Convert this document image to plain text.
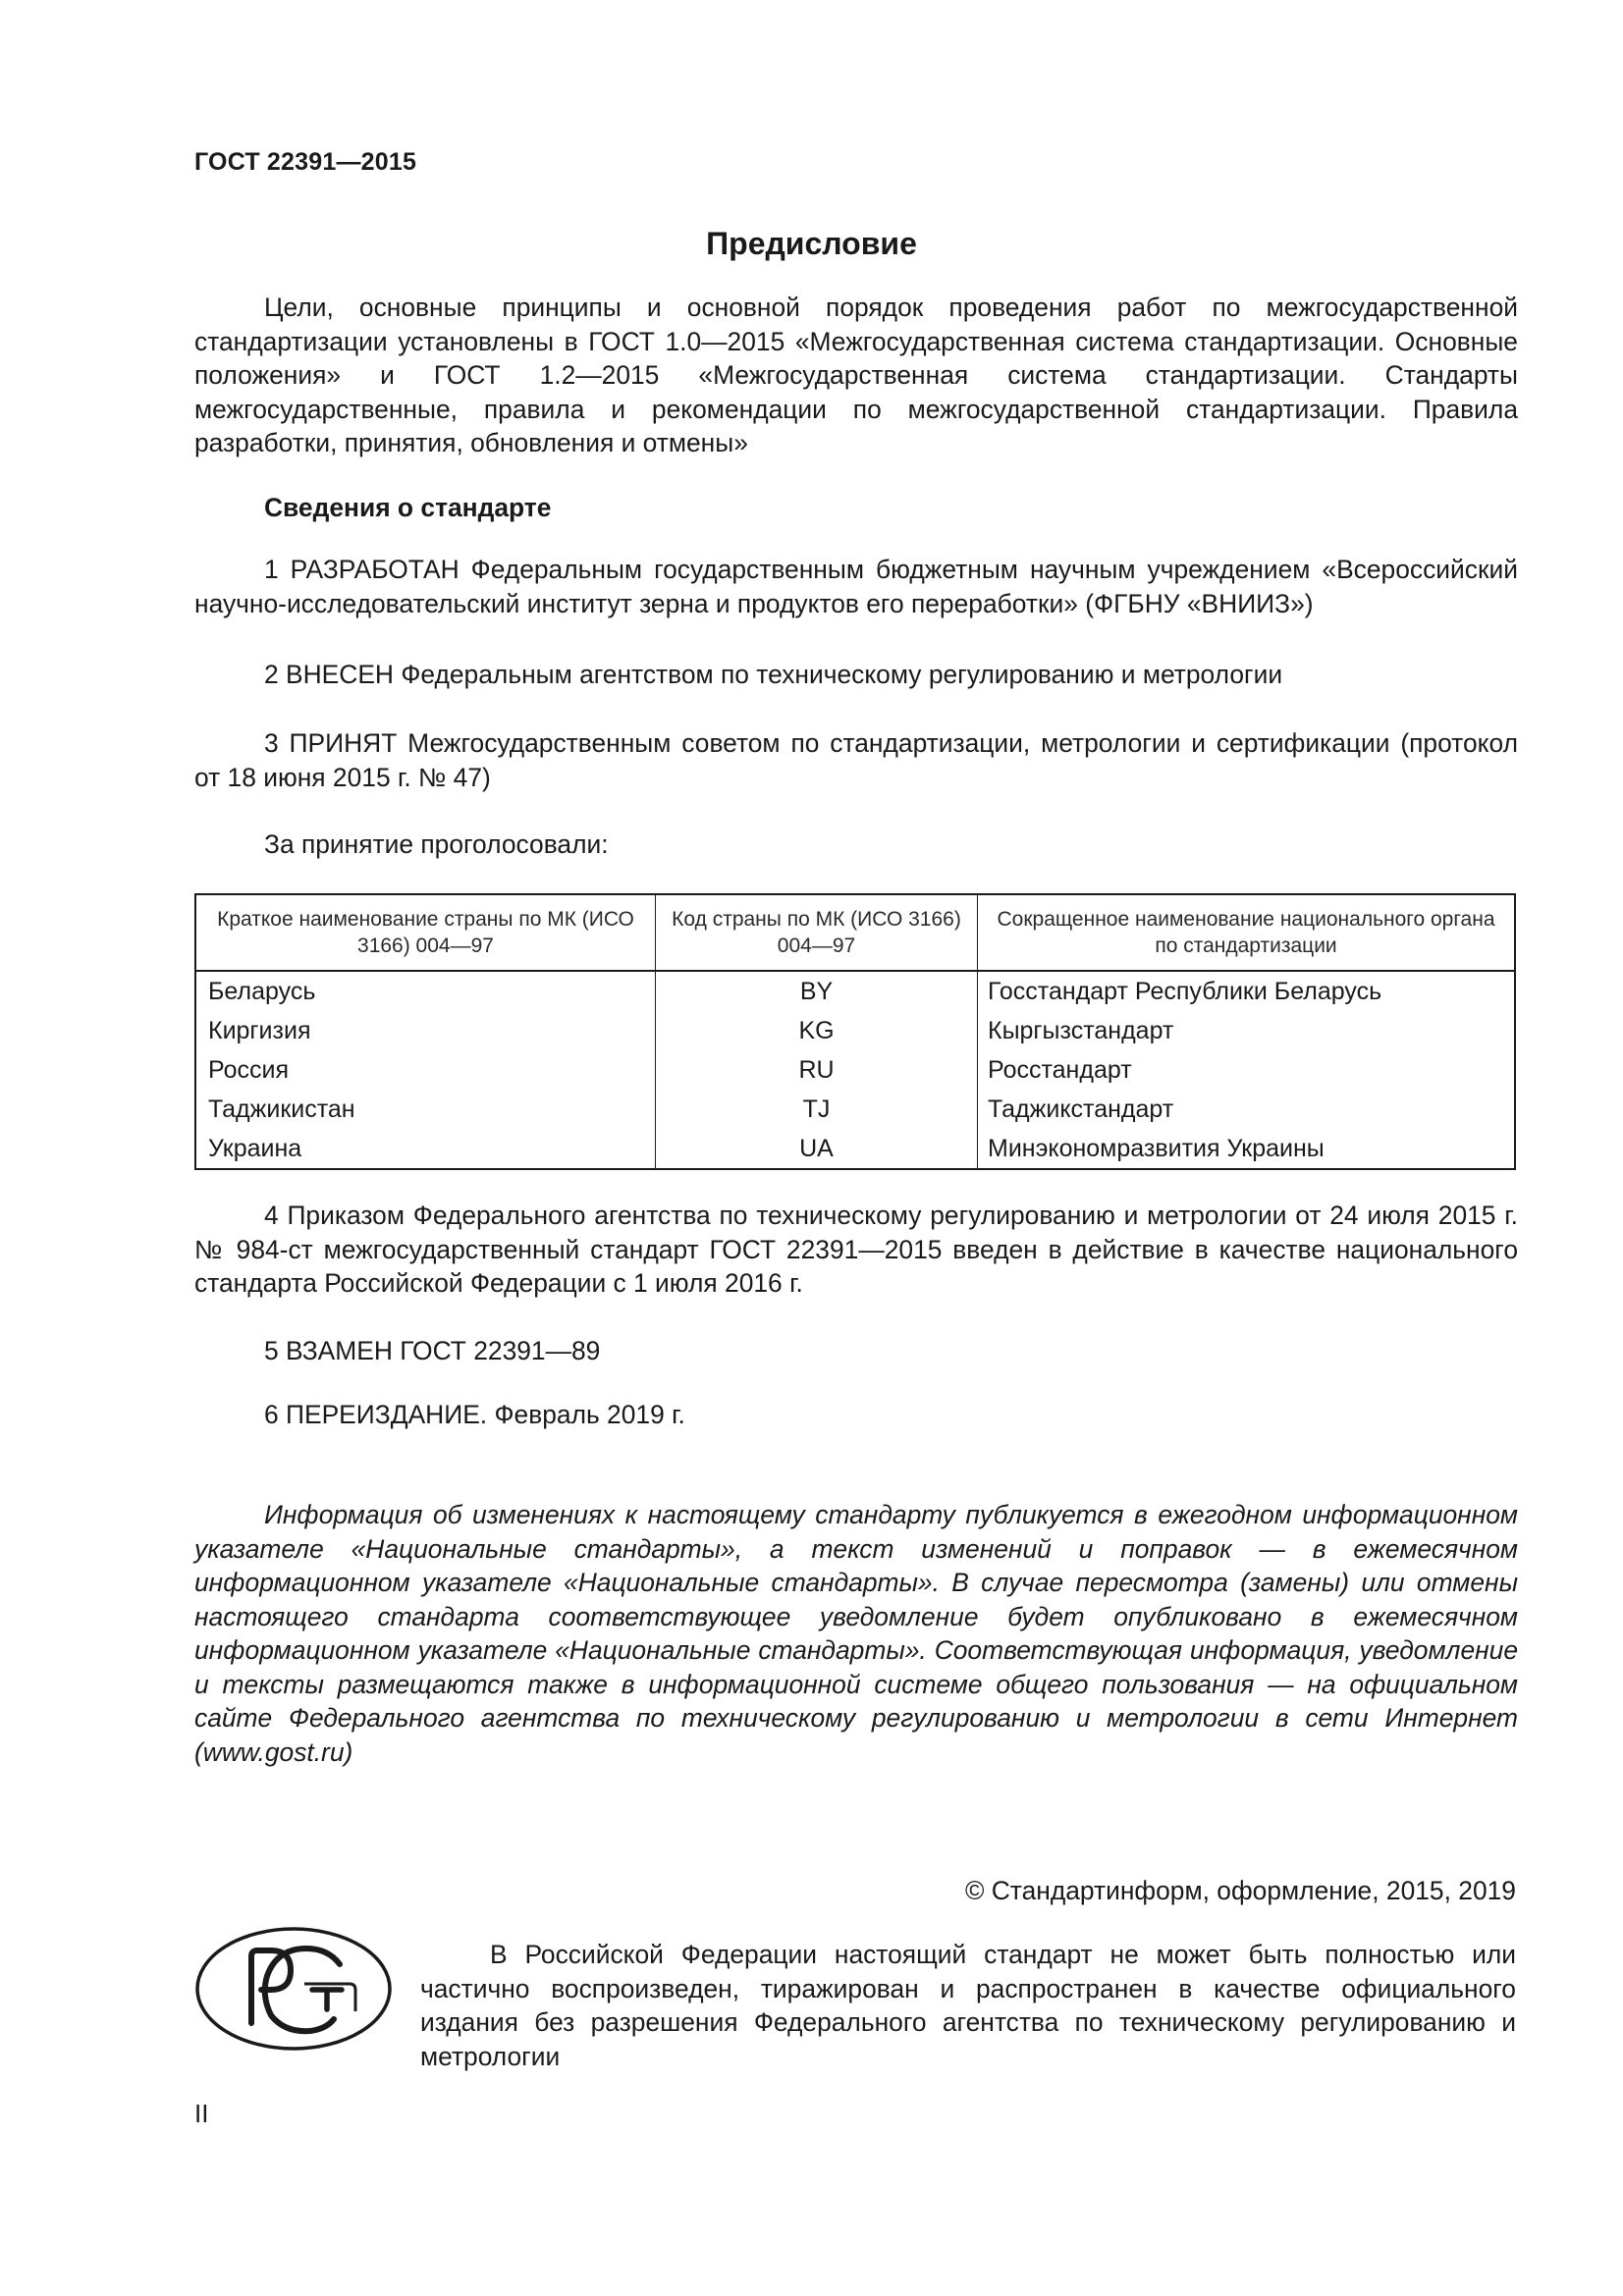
ГОСТ 22391—2015
Предисловие

Цели, основные принципы и основной порядок проведения работ по межгосударственной стандартизации установлены в ГОСТ 1.0—2015 «Межгосударственная система стандартизации. Основные положения» и ГОСТ 1.2—2015 «Межгосударственная система стандартизации. Стандарты межгосударственные, правила и рекомендации по межгосударственной стандартизации. Правила разработки, принятия, обновления и отмены»

Сведения о стандарте

1 РАЗРАБОТАН Федеральным государственным бюджетным научным учреждением «Всероссийский научно-исследовательский институт зерна и продуктов его переработки» (ФГБНУ «ВНИИЗ»)

2 ВНЕСЕН Федеральным агентством по техническому регулированию и метрологии

3 ПРИНЯТ Межгосударственным советом по стандартизации, метрологии и сертификации (протокол от 18 июня 2015 г. № 47)

За принятие проголосовали:

Краткое наименование страны по МК (ИСО 3166) 004—97	Код страны по МК (ИСО 3166) 004—97	Сокращенное наименование национального органа по стандартизации
Беларусь	BY	Госстандарт Республики Беларусь
Киргизия	KG	Кыргызстандарт
Россия	RU	Росстандарт
Таджикистан	TJ	Таджикстандарт
Украина	UA	Минэкономразвития Украины

4 Приказом Федерального агентства по техническому регулированию и метрологии от 24 июля 2015 г. № 984-ст межгосударственный стандарт ГОСТ 22391—2015 введен в действие в качестве национального стандарта Российской Федерации с 1 июля 2016 г.

5 ВЗАМЕН ГОСТ 22391—89

6 ПЕРЕИЗДАНИЕ. Февраль 2019 г.

Информация об изменениях к настоящему стандарту публикуется в ежегодном информационном указателе «Национальные стандарты», а текст изменений и поправок — в ежемесячном информационном указателе «Национальные стандарты». В случае пересмотра (замены) или отмены настоящего стандарта соответствующее уведомление будет опубликовано в ежемесячном информационном указателе «Национальные стандарты». Соответствующая информация, уведомление и тексты размещаются также в информационной системе общего пользования — на официальном сайте Федерального агентства по техническому регулированию и метрологии в сети Интернет (www.gost.ru)

© Стандартинформ, оформление, 2015, 2019

В Российской Федерации настоящий стандарт не может быть полностью или частично воспроизведен, тиражирован и распространен в качестве официального издания без разрешения Федерального агентства по техническому регулированию и метрологии

II
